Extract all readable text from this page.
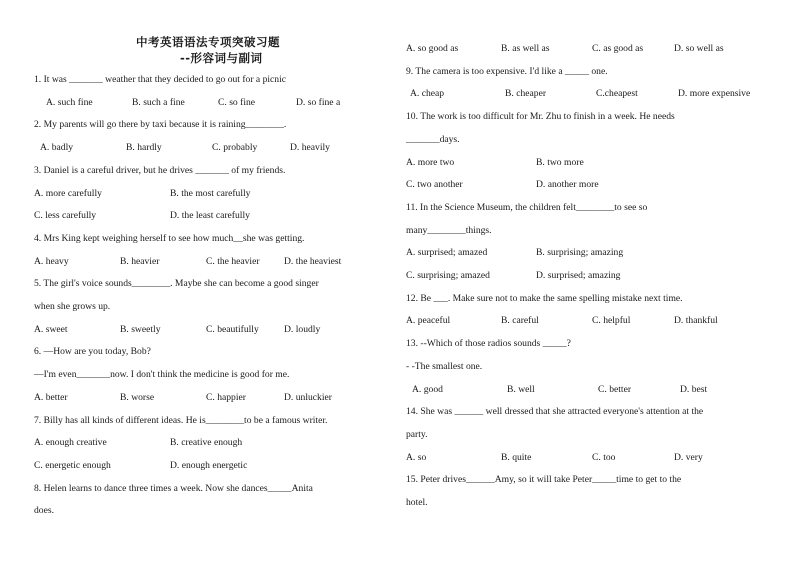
中考英语语法专项突破习题
--形容词与副词
1. It was _______ weather that they decided to go out for a picnic
A. such fine	B. such a fine	C. so fine	D. so fine a
2. My parents will go there by taxi because it is raining________.
A. badly	B. hardly	C. probably	D. heavily
3. Daniel is a careful driver, but he drives _______ of my friends.
A. more carefully	B. the most carefully
C. less carefully	D. the least carefully
4. Mrs King kept weighing herself to see how much__she was getting.
A. heavy	B. heavier	C. the heavier	D. the heaviest
5. The girl's voice sounds________. Maybe she can become a good singer
when she grows up.
A. sweet	B. sweetly	C. beautifully	D. loudly
6. —How are you today, Bob?
—I'm even_______now. I don't think the medicine is good for me.
A. better	B. worse	C. happier	D. unluckier
7. Billy has all kinds of different ideas. He is________to be a famous writer.
A. enough creative	B. creative enough
C. energetic enough	D. enough energetic
8. Helen learns to dance three times a week. Now she dances_____Anita
does.
A. so good as	B. as well as	C. as good as	D. so well as
9. The camera is too expensive. I'd like a _____ one.
A. cheap	B. cheaper	C.cheapest	D. more expensive
10. The work is too difficult for Mr. Zhu to finish in a week. He needs
_______days.
A. more two	B. two more
C. two another	D. another more
11. In the Science Museum, the children felt________to see so
many________things.
A. surprised; amazed	B. surprising; amazing
C. surprising; amazed	D. surprised; amazing
12. Be ___. Make sure not to make the same spelling mistake next time.
A. peaceful	B. careful	C. helpful	D. thankful
13. --Which of those radios sounds _____?
- -The smallest one.
A. good	B. well	C. better	D. best
14. She was ______ well dressed that she attracted everyone's attention at the
party.
A. so	B. quite	C. too	D. very
15. Peter drives______Amy, so it will take Peter_____time to get to the
hotel.
